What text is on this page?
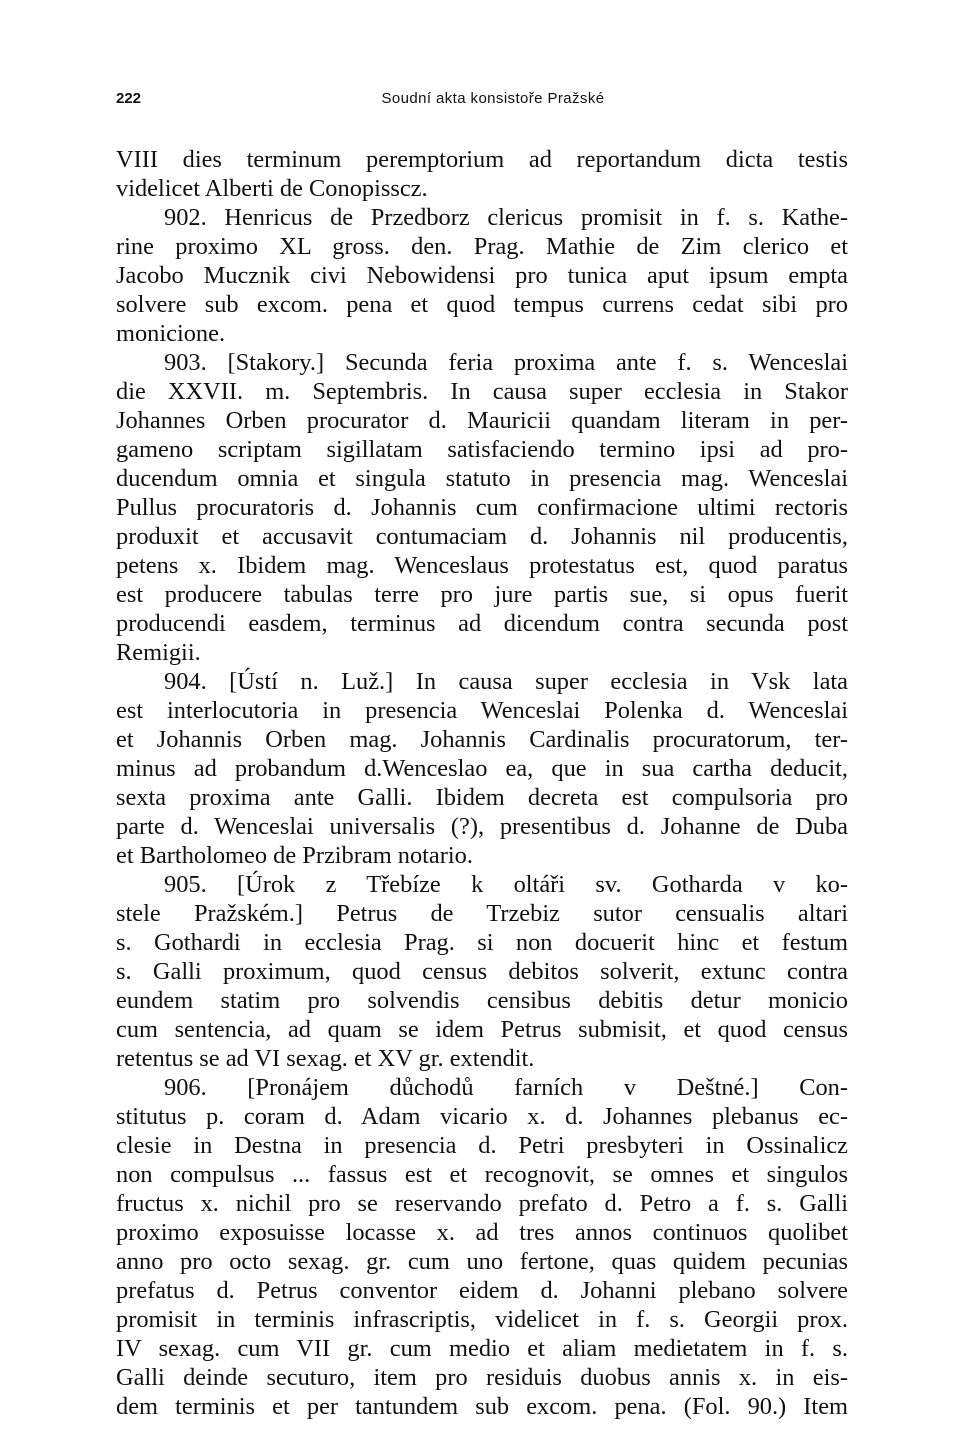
222	Soudní akta konsistoře Pražské
VIII dies terminum peremptorium ad reportandum dicta testis
videlicet Alberti de Conopisscz.
902. Henricus de Przedborz clericus promisit in f. s. Kathe-
rine proximo XL gross. den. Prag. Mathie de Zim clerico et
Jacobo Mucznik civi Nebowidensi pro tunica aput ipsum empta
solvere sub excom. pena et quod tempus currens cedat sibi pro
monicione.
903. [Stakory.] Secunda feria proxima ante f. s. Wenceslai
die XXVII. m. Septembris. In causa super ecclesia in Stakor
Johannes Orben procurator d. Mauricii quandam literam in per-
gameno scriptam sigillatam satisfaciendo termino ipsi ad pro-
ducendum omnia et singula statuto in presencia mag. Wenceslai
Pullus procuratoris d. Johannis cum confirmacione ultimi rectoris
produxit et accusavit contumaciam d. Johannis nil producentis,
petens x. Ibidem mag. Wenceslaus protestatus est, quod paratus
est producere tabulas terre pro jure partis sue, si opus fuerit
producendi easdem, terminus ad dicendum contra secunda post
Remigii.
904. [Ústí n. Luž.] In causa super ecclesia in Vsk lata
est interlocutoria in presencia Wenceslai Polenka d. Wenceslai
et Johannis Orben mag. Johannis Cardinalis procuratorum, ter-
minus ad probandum d.Wenceslao ea, que in sua cartha deducit,
sexta proxima ante Galli. Ibidem decreta est compulsoria pro
parte d. Wenceslai universalis (?), presentibus d. Johanne de Duba
et Bartholomeo de Przibram notario.
905. [Úrok z Třebíze k oltáři sv. Gotharda v ko-
stele Pražském.] Petrus de Trzebiz sutor censualis altari
s. Gothardi in ecclesia Prag. si non docuerit hinc et festum
s. Galli proximum, quod census debitos solverit, extunc contra
eundem statim pro solvendis censibus debitis detur monicio
cum sentencia, ad quam se idem Petrus submisit, et quod census
retentus se ad VI sexag. et XV gr. extendit.
906. [Pronájem důchodů farních v Deštné.] Con-
stitutus p. coram d. Adam vicario x. d. Johannes plebanus ec-
clesie in Destna in presencia d. Petri presbyteri in Ossinalicz
non compulsus ... fassus est et recognovit, se omnes et singulos
fructus x. nichil pro se reservando prefato d. Petro a f. s. Galli
proximo exposuisse locasse x. ad tres annos continuos quolibet
anno pro octo sexag. gr. cum uno fertone, quas quidem pecunias
prefatus d. Petrus conventor eidem d. Johanni plebano solvere
promisit in terminis infrascriptis, videlicet in f. s. Georgii prox.
IV sexag. cum VII gr. cum medio et aliam medietatem in f. s.
Galli deinde secuturo, item pro residuis duobus annis x. in eis-
dem terminis et per tantundem sub excom. pena. (Fol. 90.) Item
